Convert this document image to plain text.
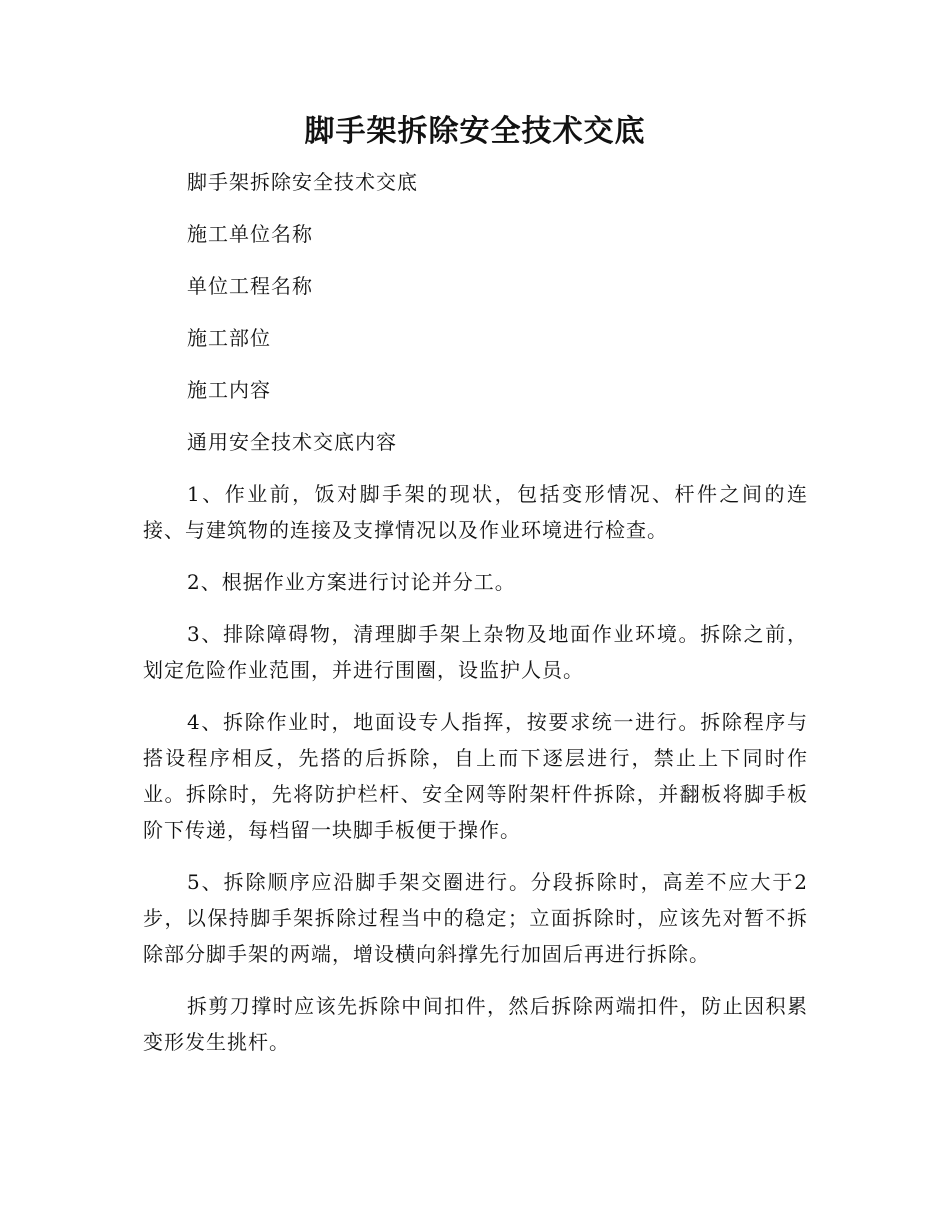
脚手架拆除安全技术交底
脚手架拆除安全技术交底
施工单位名称
单位工程名称
施工部位
施工内容
通用安全技术交底内容

1、作业前，饭对脚手架的现状，包括变形情况、杆件之间的连接、与建筑物的连接及支撑情况以及作业环境进行检查。

2、根据作业方案进行讨论并分工。

3、排除障碍物，清理脚手架上杂物及地面作业环境。拆除之前，划定危险作业范围，并进行围圈，设监护人员。

4、拆除作业时，地面设专人指挥，按要求统一进行。拆除程序与搭设程序相反，先搭的后拆除，自上而下逐层进行，禁止上下同时作业。拆除时，先将防护栏杆、安全网等附架杆件拆除，并翻板将脚手板阶下传递，每档留一块脚手板便于操作。

5、拆除顺序应沿脚手架交圈进行。分段拆除时，高差不应大于2步，以保持脚手架拆除过程当中的稳定；立面拆除时，应该先对暂不拆除部分脚手架的两端，增设横向斜撑先行加固后再进行拆除。

拆剪刀撑时应该先拆除中间扣件，然后拆除两端扣件，防止因积累变形发生挑杆。
